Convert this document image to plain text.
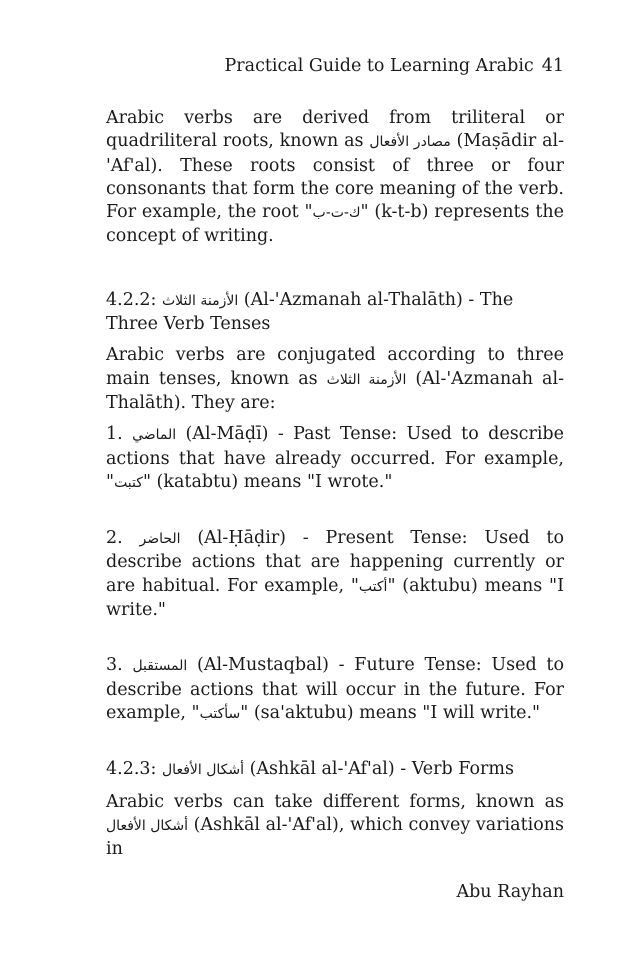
Practical Guide to Learning Arabic 41

Arabic verbs are derived from triliteral or quadriliteral roots, known as مصادر الأفعال (Maṣādir al-'Af'al). These roots consist of three or four consonants that form the core meaning of the verb. For example, the root "ك-ت-ب" (k-t-b) represents the concept of writing.

4.2.2: الأزمنة الثلاث (Al-'Azmanah al-Thalāth) - The Three Verb Tenses

Arabic verbs are conjugated according to three main tenses, known as الأزمنة الثلاث (Al-'Azmanah al-Thalāth). They are:

1. الماضي (Al-Māḍī) - Past Tense: Used to describe actions that have already occurred. For example, "كتبت" (katabtu) means "I wrote."

2. الحاضر (Al-Ḥāḍir) - Present Tense: Used to describe actions that are happening currently or are habitual. For example, "أكتب" (aktubu) means "I write."

3. المستقبل (Al-Mustaqbal) - Future Tense: Used to describe actions that will occur in the future. For example, "سأكتب" (sa'aktubu) means "I will write."

4.2.3: أشكال الأفعال (Ashkāl al-'Af'al) - Verb Forms

Arabic verbs can take different forms, known as أشكال الأفعال (Ashkāl al-'Af'al), which convey variations in

Abu Rayhan
